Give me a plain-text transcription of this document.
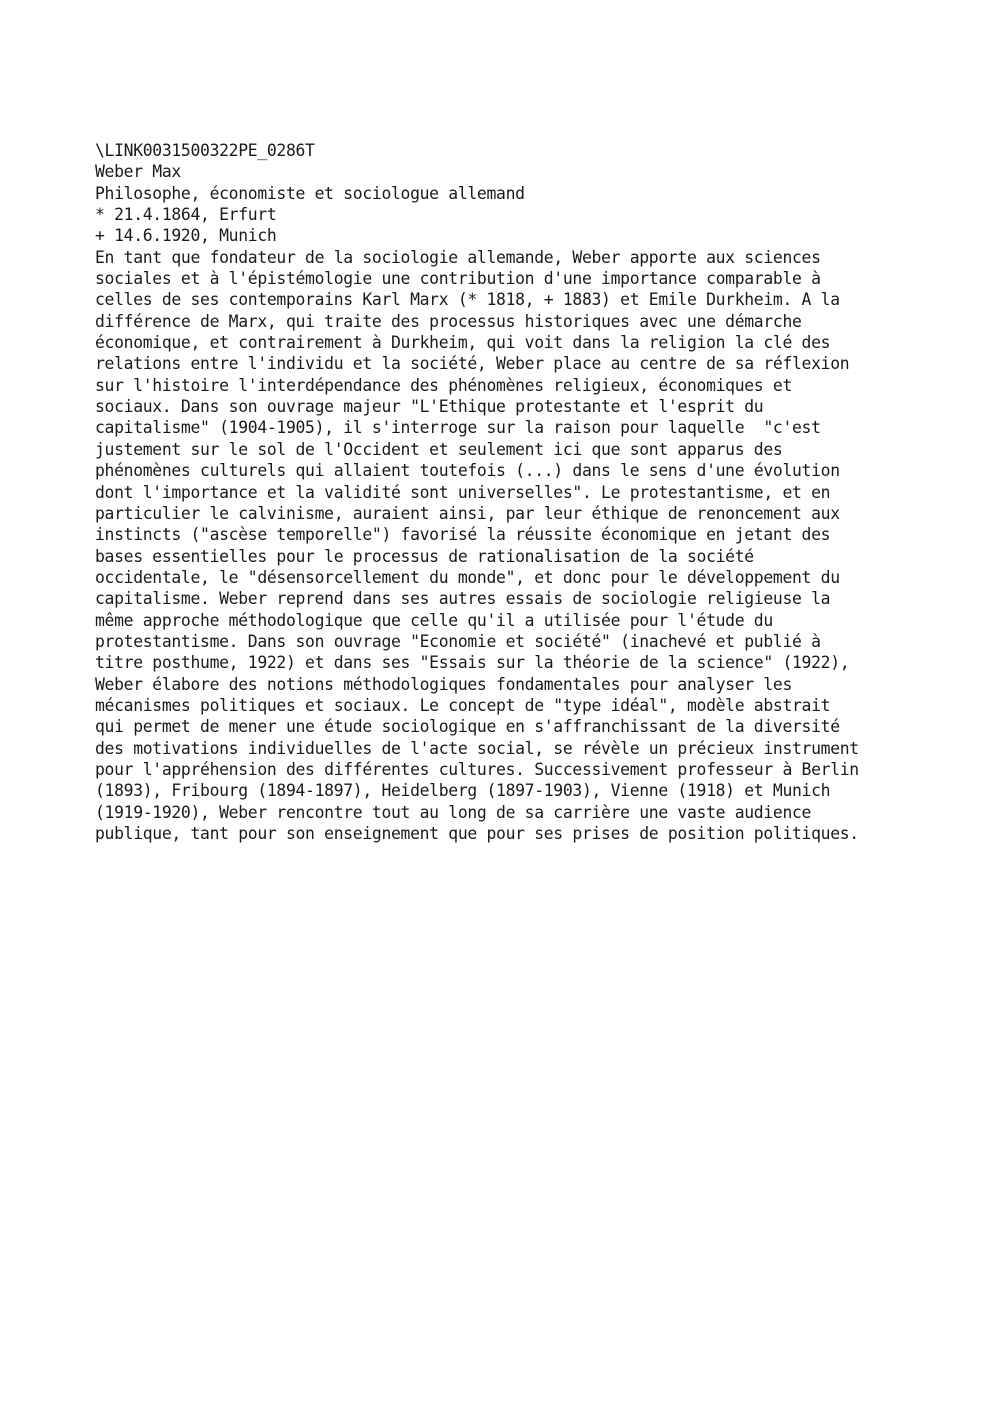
\LINK0031500322PE_0286T
Weber Max
Philosophe, économiste et sociologue allemand
* 21.4.1864, Erfurt
+ 14.6.1920, Munich
En tant que fondateur de la sociologie allemande, Weber apporte aux sciences
sociales et à l'épistémologie une contribution d'une importance comparable à
celles de ses contemporains Karl Marx (* 1818, + 1883) et Emile Durkheim. A la
différence de Marx, qui traite des processus historiques avec une démarche
économique, et contrairement à Durkheim, qui voit dans la religion la clé des
relations entre l'individu et la société, Weber place au centre de sa réflexion
sur l'histoire l'interdépendance des phénomènes religieux, économiques et
sociaux. Dans son ouvrage majeur "L'Ethique protestante et l'esprit du
capitalisme" (1904-1905), il s'interroge sur la raison pour laquelle  "c'est
justement sur le sol de l'Occident et seulement ici que sont apparus des
phénomènes culturels qui allaient toutefois (...) dans le sens d'une évolution
dont l'importance et la validité sont universelles". Le protestantisme, et en
particulier le calvinisme, auraient ainsi, par leur éthique de renoncement aux
instincts ("ascèse temporelle") favorisé la réussite économique en jetant des
bases essentielles pour le processus de rationalisation de la société
occidentale, le "désensorcellement du monde", et donc pour le développement du
capitalisme. Weber reprend dans ses autres essais de sociologie religieuse la
même approche méthodologique que celle qu'il a utilisée pour l'étude du
protestantisme. Dans son ouvrage "Economie et société" (inachevé et publié à
titre posthume, 1922) et dans ses "Essais sur la théorie de la science" (1922),
Weber élabore des notions méthodologiques fondamentales pour analyser les
mécanismes politiques et sociaux. Le concept de "type idéal", modèle abstrait
qui permet de mener une étude sociologique en s'affranchissant de la diversité
des motivations individuelles de l'acte social, se révèle un précieux instrument
pour l'appréhension des différentes cultures. Successivement professeur à Berlin
(1893), Fribourg (1894-1897), Heidelberg (1897-1903), Vienne (1918) et Munich
(1919-1920), Weber rencontre tout au long de sa carrière une vaste audience
publique, tant pour son enseignement que pour ses prises de position politiques.
